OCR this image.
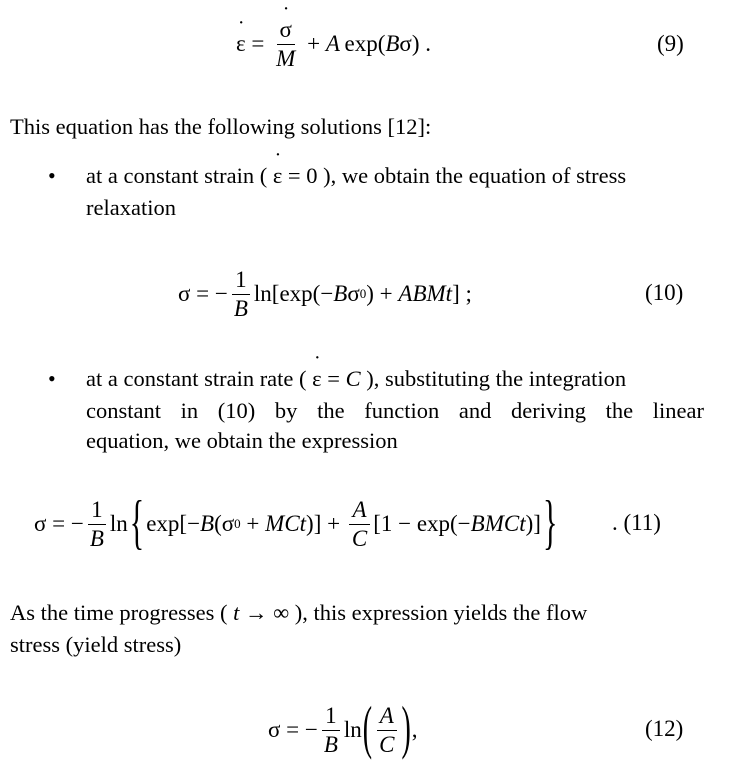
ε ˙ = $\frac{\sigma ˙}{M} + A$  exp( B σ) .	(9)
This equation has the following solutions [12]:
• at a constant strain ( ε ˙ = 0 ), we obtain the equation of stress
relaxation
σ = − $\frac{1}{B} \ln[\exp(- B$ σ 0 ) + ABMt ] ;	(10)
• at a constant strain rate ( ε ˙ = C ), substituting the integration
constant in (10) by the function and deriving the linear
equation, we obtain the expression
σ = − $\frac{1}{B}$ ln { exp[− B (σ 0 + MCt )] + $\frac{A}{C} [1 - \exp(-$ BMCt )] } . (11)
As the time progresses ( t → ∞ ), this expression yields the flow
stress (yield stress)
σ = − $\frac{1}{B}$ ln ( $\frac{A}{C}$ ) ,	(12)
